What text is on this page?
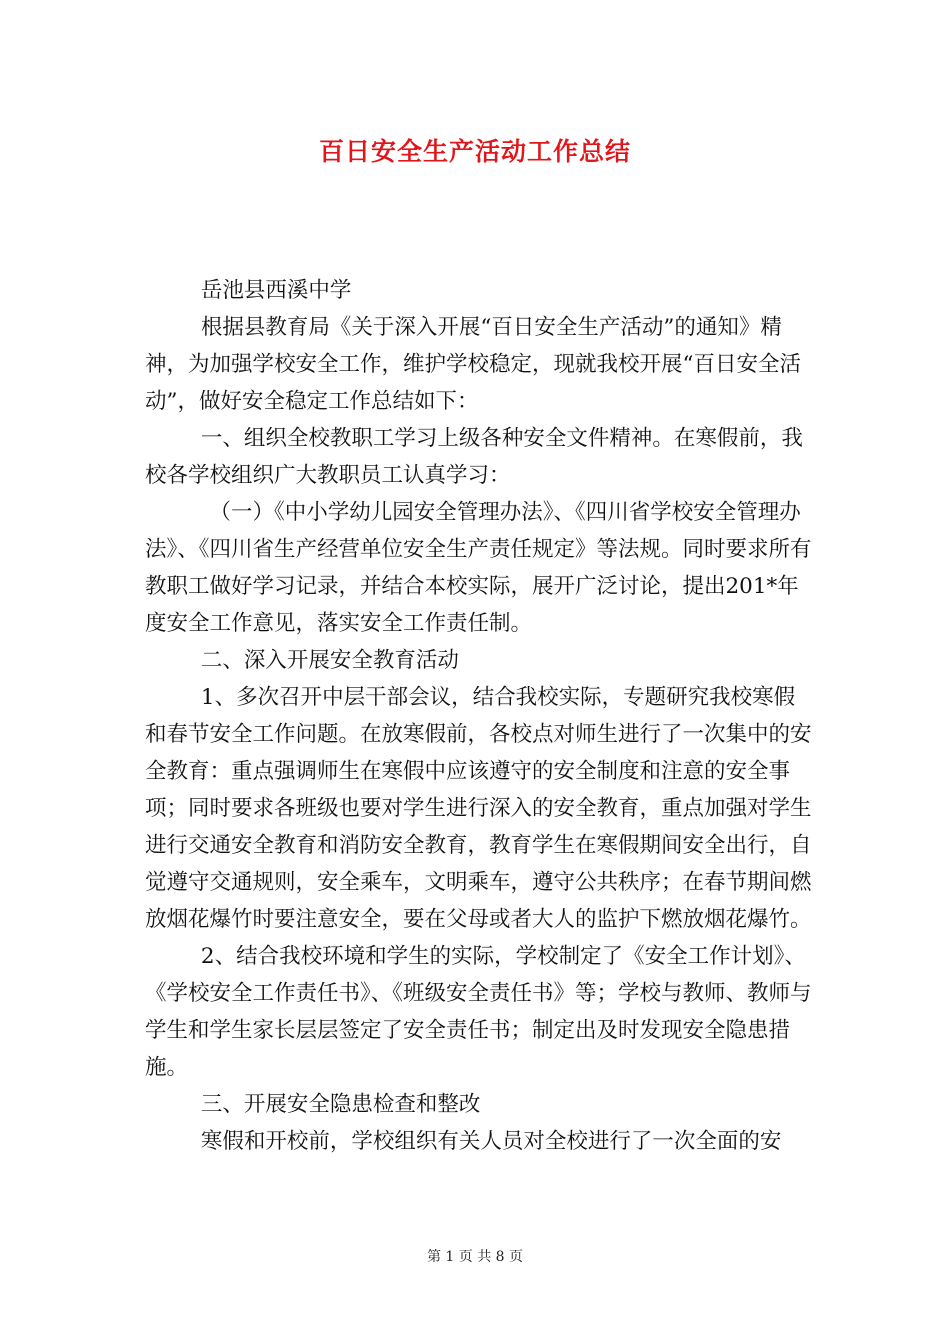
百日安全生产活动工作总结

岳池县西溪中学

根据县教育局《关于深入开展“百日安全生产活动”的通知》精神，为加强学校安全工作，维护学校稳定，现就我校开展“百日安全活动”，做好安全稳定工作总结如下：

一、组织全校教职工学习上级各种安全文件精神。在寒假前，我校各学校组织广大教职员工认真学习：

（一）《中小学幼儿园安全管理办法》、《四川省学校安全管理办法》、《四川省生产经营单位安全生产责任规定》等法规。同时要求所有教职工做好学习记录，并结合本校实际，展开广泛讨论，提出201*年度安全工作意见，落实安全工作责任制。

二、深入开展安全教育活动

1、多次召开中层干部会议，结合我校实际，专题研究我校寒假和春节安全工作问题。在放寒假前，各校点对师生进行了一次集中的安全教育：重点强调师生在寒假中应该遵守的安全制度和注意的安全事项；同时要求各班级也要对学生进行深入的安全教育，重点加强对学生进行交通安全教育和消防安全教育，教育学生在寒假期间安全出行，自觉遵守交通规则，安全乘车，文明乘车，遵守公共秩序；在春节期间燃放烟花爆竹时要注意安全，要在父母或者大人的监护下燃放烟花爆竹。

2、结合我校环境和学生的实际，学校制定了《安全工作计划》、《学校安全工作责任书》、《班级安全责任书》等；学校与教师、教师与学生和学生家长层层签定了安全责任书；制定出及时发现安全隐患措施。

三、开展安全隐患检查和整改

寒假和开校前，学校组织有关人员对全校进行了一次全面的安

第 1 页 共 8 页
